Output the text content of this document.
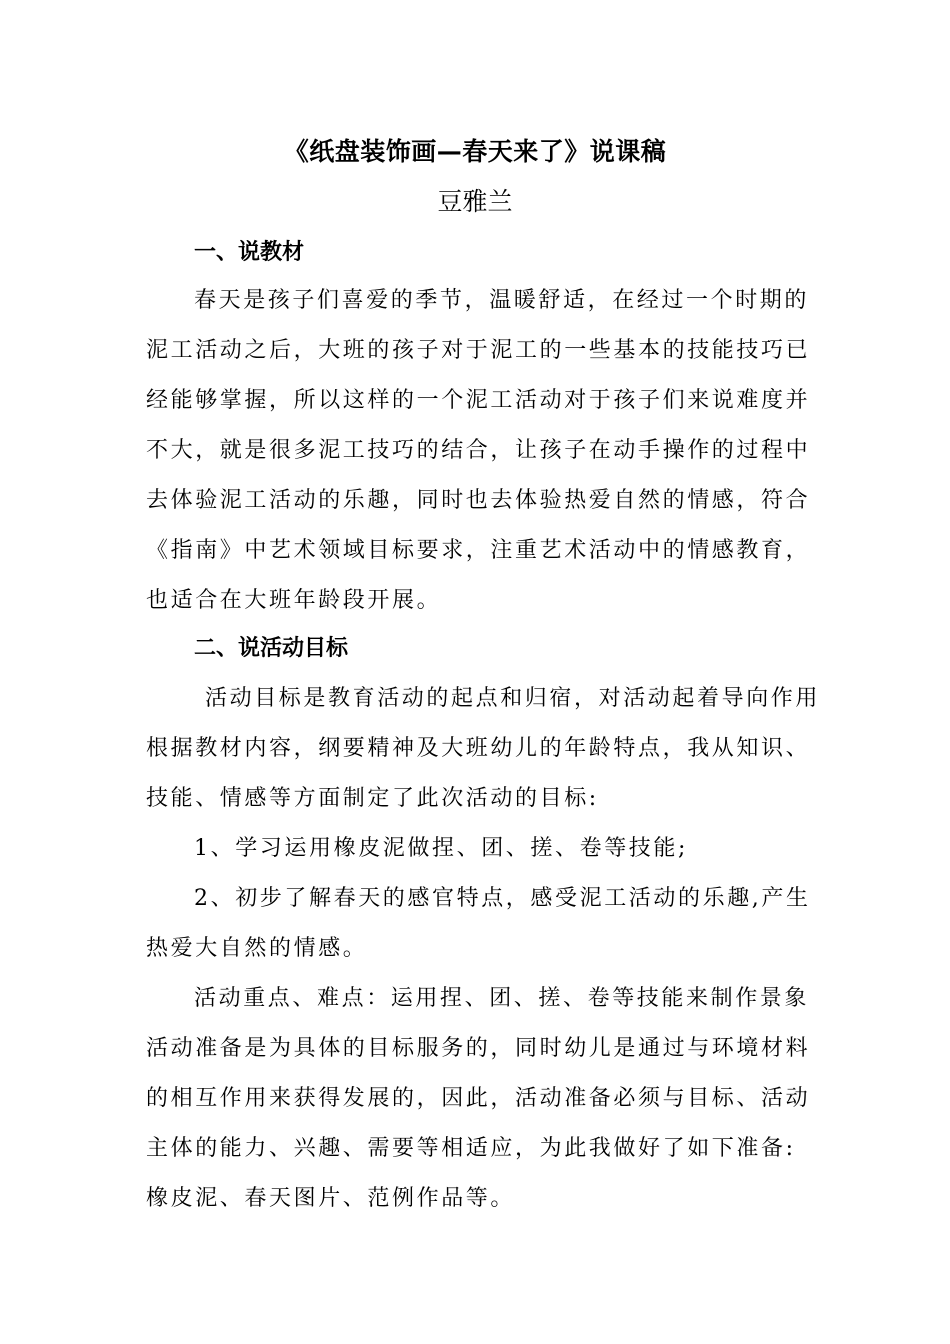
《纸盘装饰画—春天来了》说课稿
豆雅兰
一、说教材
春天是孩子们喜爱的季节，温暖舒适，在经过一个时期的
泥工活动之后，大班的孩子对于泥工的一些基本的技能技巧已
经能够掌握，所以这样的一个泥工活动对于孩子们来说难度并
不大，就是很多泥工技巧的结合，让孩子在动手操作的过程中
去体验泥工活动的乐趣，同时也去体验热爱自然的情感，符合
《指南》中艺术领域目标要求，注重艺术活动中的情感教育，
也适合在大班年龄段开展。
二、说活动目标
活动目标是教育活动的起点和归宿，对活动起着导向作用
根据教材内容，纲要精神及大班幼儿的年龄特点，我从知识、
技能、情感等方面制定了此次活动的目标:
1、学习运用橡皮泥做捏、团、搓、卷等技能;
2、初步了解春天的感官特点，感受泥工活动的乐趣,产生
热爱大自然的情感。
活动重点、难点：运用捏、团、搓、卷等技能来制作景象
活动准备是为具体的目标服务的，同时幼儿是通过与环境材料
的相互作用来获得发展的，因此，活动准备必须与目标、活动
主体的能力、兴趣、需要等相适应，为此我做好了如下准备:
橡皮泥、春天图片、范例作品等。
